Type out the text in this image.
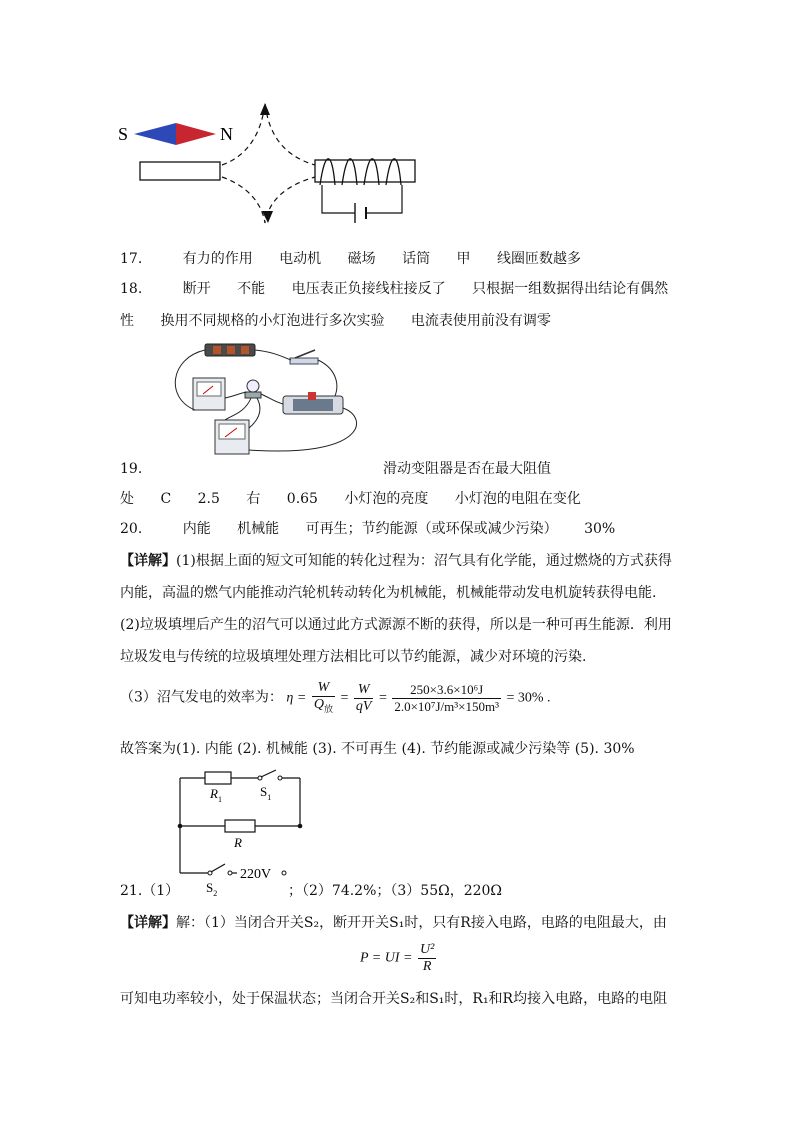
S	N
17.	有力的作用 电动机 磁场 话筒 甲 线圈匝数越多
18.	断开 不能 电压表正负接线柱接反了 只根据一组数据得出结论有偶然
性 换用不同规格的小灯泡进行多次实验 电流表使用前没有调零
19.	滑动变阻器是否在最大阻值
处 C 2.5 右 0.65 小灯泡的亮度 小灯泡的电阻在变化
20.	内能 机械能 可再生；节约能源（或环保或减少污染） 30%
【详解】(1)根据上面的短文可知能的转化过程为：沼气具有化学能，通过燃烧的方式获得
内能，高温的燃气内能推动汽轮机转动转化为机械能，机械能带动发电机旋转获得电能.
(2)垃圾填埋后产生的沼气可以通过此方式源源不断的获得，所以是一种可再生能源．利用
垃圾发电与传统的垃圾填埋处理方法相比可以节约能源，减少对环境的污染.
（3）沼气发电的效率为： $\eta = \frac{W}{Q_放} = \frac{W}{qV} = \frac{\text{250×3.6×10⁶J}}{\text{2.0×10⁷J/m³×150m³}} = 30\%$ .
故答案为(1). 内能 (2). 机械能 (3). 不可再生 (4). 节约能源或减少污染等 (5). 30%
$R_1$
$S_1$
R
220V
$S_2$
21.（1）	；（2）74.2%；（3）55Ω，220Ω
【详解】解：（1）当闭合开关S₂，断开开关S₁时，只有R接入电路，电路的电阻最大，由
P = UI = $\frac{\text{U²}}{R}$
可知电功率较小，处于保温状态；当闭合开关S₂和S₁时，R₁和R均接入电路，电路的电阻
